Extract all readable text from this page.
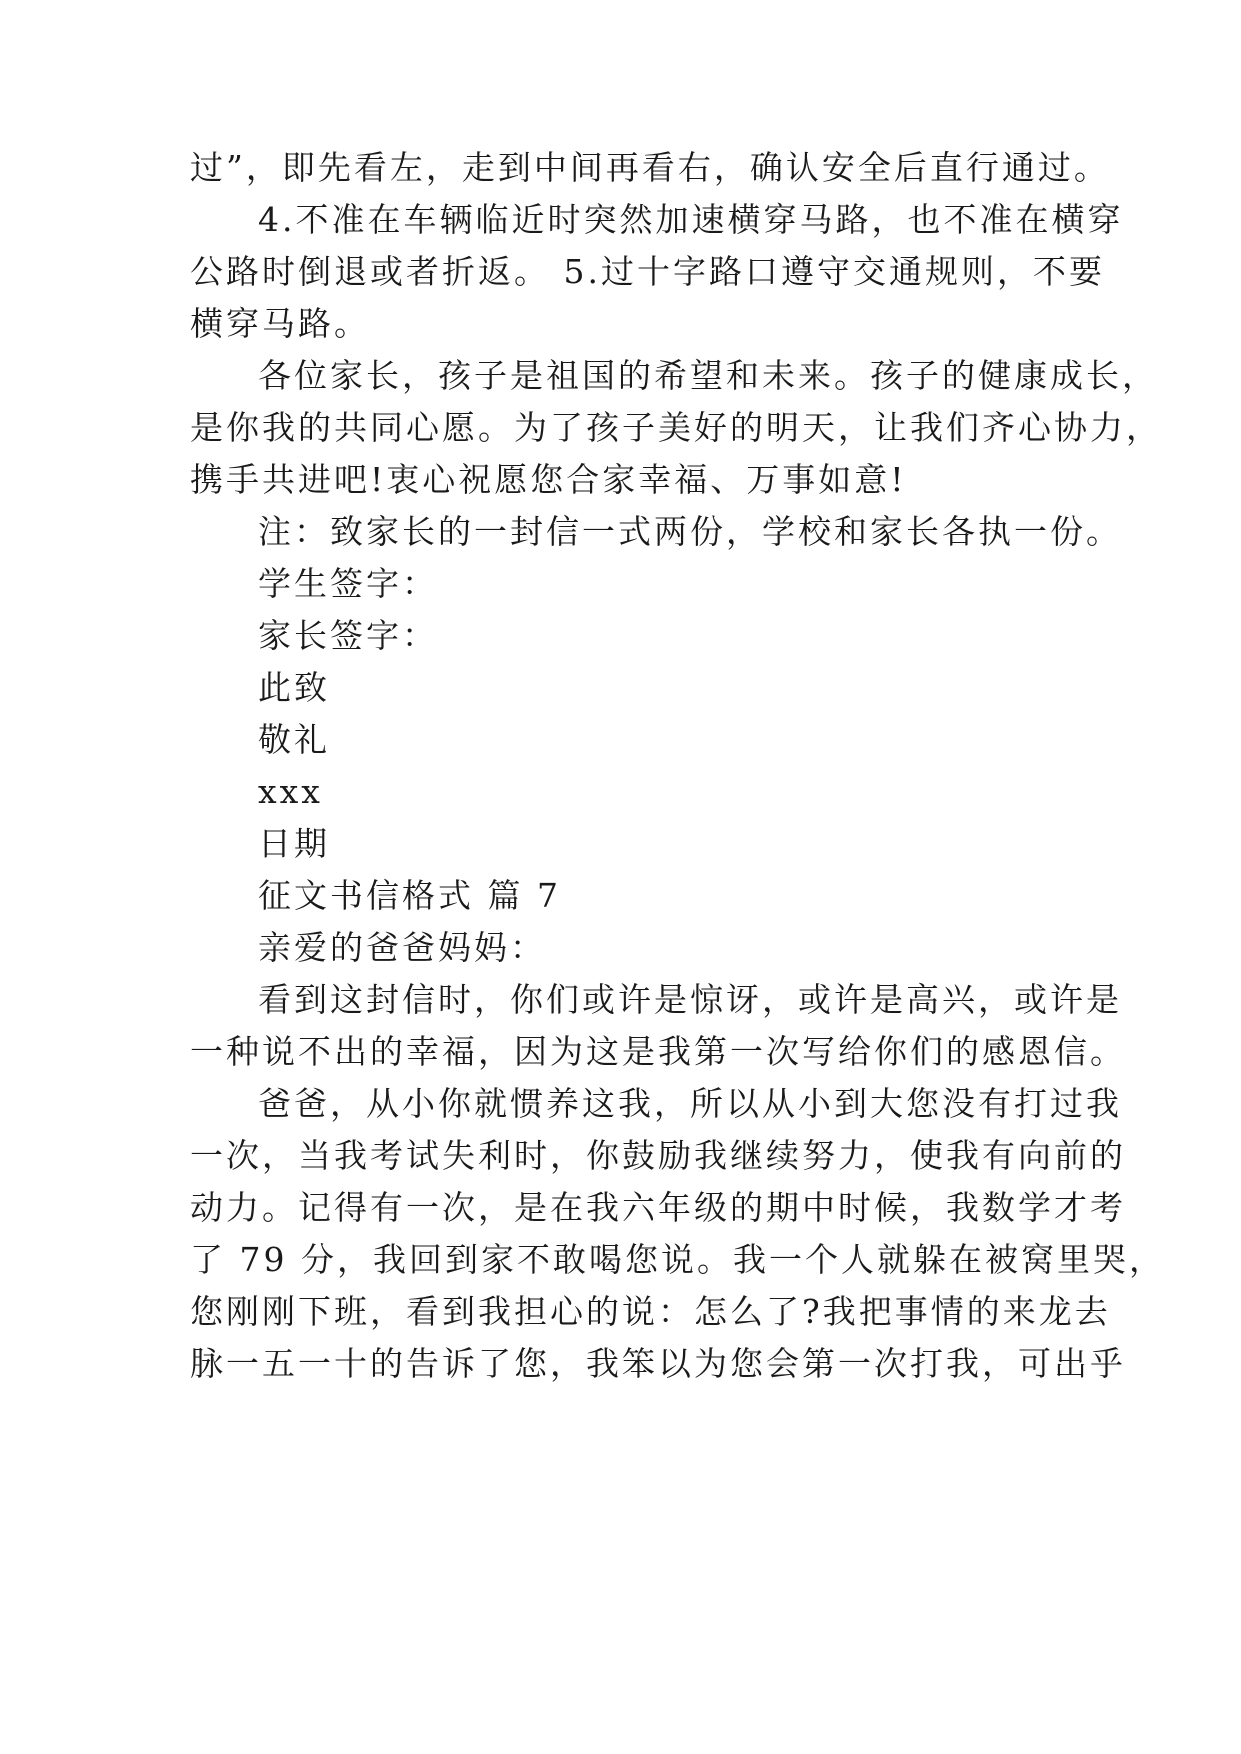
过”，即先看左，走到中间再看右，确认安全后直行通过。
4.不准在车辆临近时突然加速横穿马路，也不准在横穿
公路时倒退或者折返。 5.过十字路口遵守交通规则，不要
横穿马路。
各位家长，孩子是祖国的希望和未来。孩子的健康成长，
是你我的共同心愿。为了孩子美好的明天，让我们齐心协力，
携手共进吧!衷心祝愿您合家幸福、万事如意!
注：致家长的一封信一式两份，学校和家长各执一份。
学生签字：
家长签字：
此致
敬礼
xxx
日期
征文书信格式 篇 7
亲爱的爸爸妈妈：
看到这封信时，你们或许是惊讶，或许是高兴，或许是
一种说不出的幸福，因为这是我第一次写给你们的感恩信。
爸爸，从小你就惯养这我，所以从小到大您没有打过我
一次，当我考试失利时，你鼓励我继续努力，使我有向前的
动力。记得有一次，是在我六年级的期中时候，我数学才考
了 79 分，我回到家不敢喝您说。我一个人就躲在被窝里哭，
您刚刚下班，看到我担心的说：怎么了?我把事情的来龙去
脉一五一十的告诉了您，我笨以为您会第一次打我，可出乎
